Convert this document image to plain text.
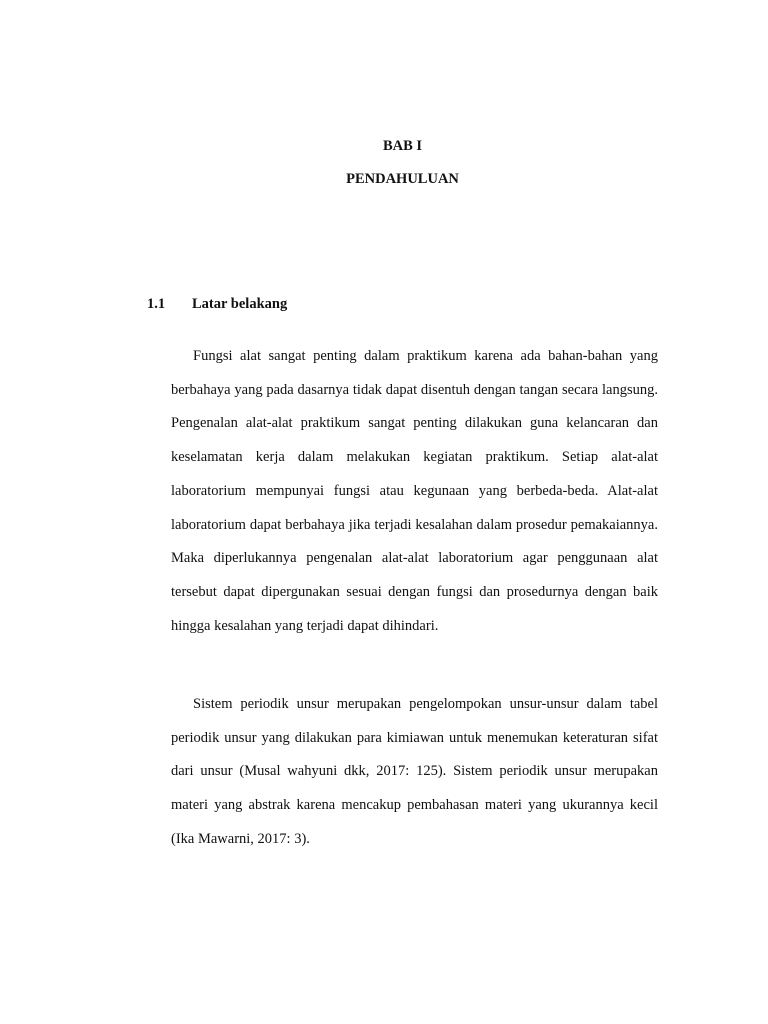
BAB I
PENDAHULUAN
1.1 Latar belakang

Fungsi alat sangat penting dalam praktikum karena ada bahan-bahan yang berbahaya yang pada dasarnya tidak dapat disentuh dengan tangan secara langsung. Pengenalan alat-alat praktikum sangat penting dilakukan guna kelancaran dan keselamatan kerja dalam melakukan kegiatan praktikum. Setiap alat-alat laboratorium mempunyai fungsi atau kegunaan yang berbeda-beda. Alat-alat laboratorium dapat berbahaya jika terjadi kesalahan dalam prosedur pemakaiannya. Maka diperlukannya pengenalan alat-alat laboratorium agar penggunaan alat tersebut dapat dipergunakan sesuai dengan fungsi dan prosedurnya dengan baik hingga kesalahan yang terjadi dapat dihindari.

Sistem periodik unsur merupakan pengelompokan unsur-unsur dalam tabel periodik unsur yang dilakukan para kimiawan untuk menemukan keteraturan sifat dari unsur (Musal wahyuni dkk, 2017: 125). Sistem periodik unsur merupakan materi yang abstrak karena mencakup pembahasan materi yang ukurannya kecil (Ika Mawarni, 2017: 3).
